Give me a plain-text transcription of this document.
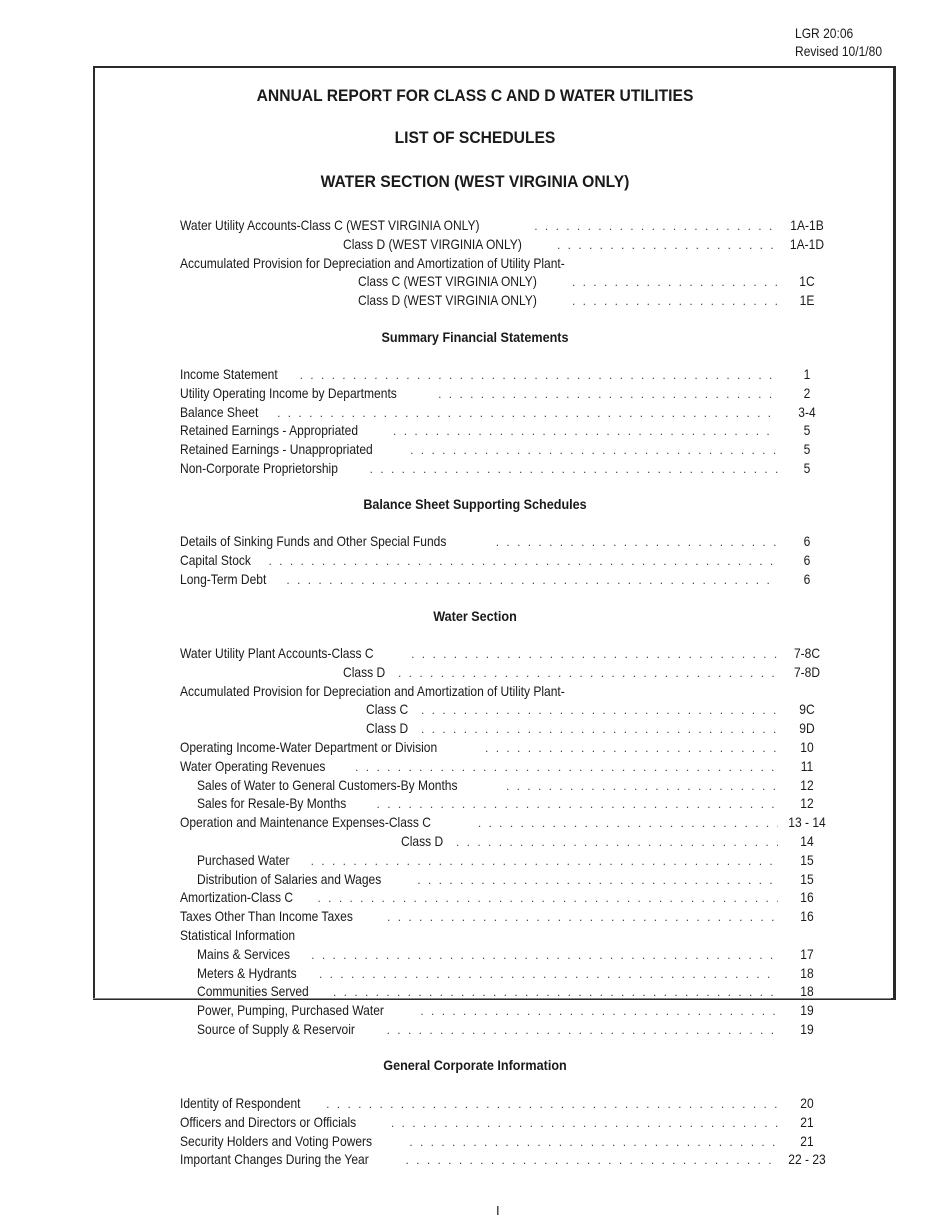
LGR 20:06
Revised 10/1/80
ANNUAL REPORT FOR CLASS C AND D WATER UTILITIES
LIST OF SCHEDULES
WATER SECTION (WEST VIRGINIA ONLY)
Water Utility Accounts-Class C (WEST VIRGINIA ONLY) . . .	1A-1B
Class D (WEST VIRGINIA ONLY) . . .	1A-1D
Accumulated Provision for Depreciation and Amortization of Utility Plant-
Class C (WEST VIRGINIA ONLY) . . .	1C
Class D (WEST VIRGINIA ONLY) . . .	1E
Summary Financial Statements
Income Statement . . .	1
Utility Operating Income by Departments . . .	2
Balance Sheet . . .	3-4
Retained Earnings - Appropriated . . .	5
Retained Earnings - Unappropriated . . .	5
Non-Corporate Proprietorship . . .	5
Balance Sheet Supporting Schedules
Details of Sinking Funds and Other Special Funds . . .	6
Capital Stock . . .	6
Long-Term Debt . . .	6
Water Section
Water Utility Plant Accounts-Class C . . .	7-8C
Class D . . .	7-8D
Accumulated Provision for Depreciation and Amortization of Utility Plant-
Class C . . .	9C
Class D . . .	9D
Operating Income-Water Department or Division . . .	10
Water Operating Revenues . . .	11
Sales of Water to General Customers-By Months . . .	12
Sales for Resale-By Months . . .	12
Operation and Maintenance Expenses-Class C . . .	13 - 14
Class D . . .	14
Purchased Water . . .	15
Distribution of Salaries and Wages . . .	15
Amortization-Class C . . .	16
Taxes Other Than Income Taxes . . .	16
Statistical Information
Mains & Services . . .	17
Meters & Hydrants . . .	18
Communities Served . . .	18
Power, Pumping, Purchased Water . . .	19
Source of Supply & Reservoir . . .	19
General Corporate Information
Identity of Respondent . . .	20
Officers and Directors or Officials . . .	21
Security Holders and Voting Powers . . .	21
Important Changes During the Year . . .	22 - 23
I
